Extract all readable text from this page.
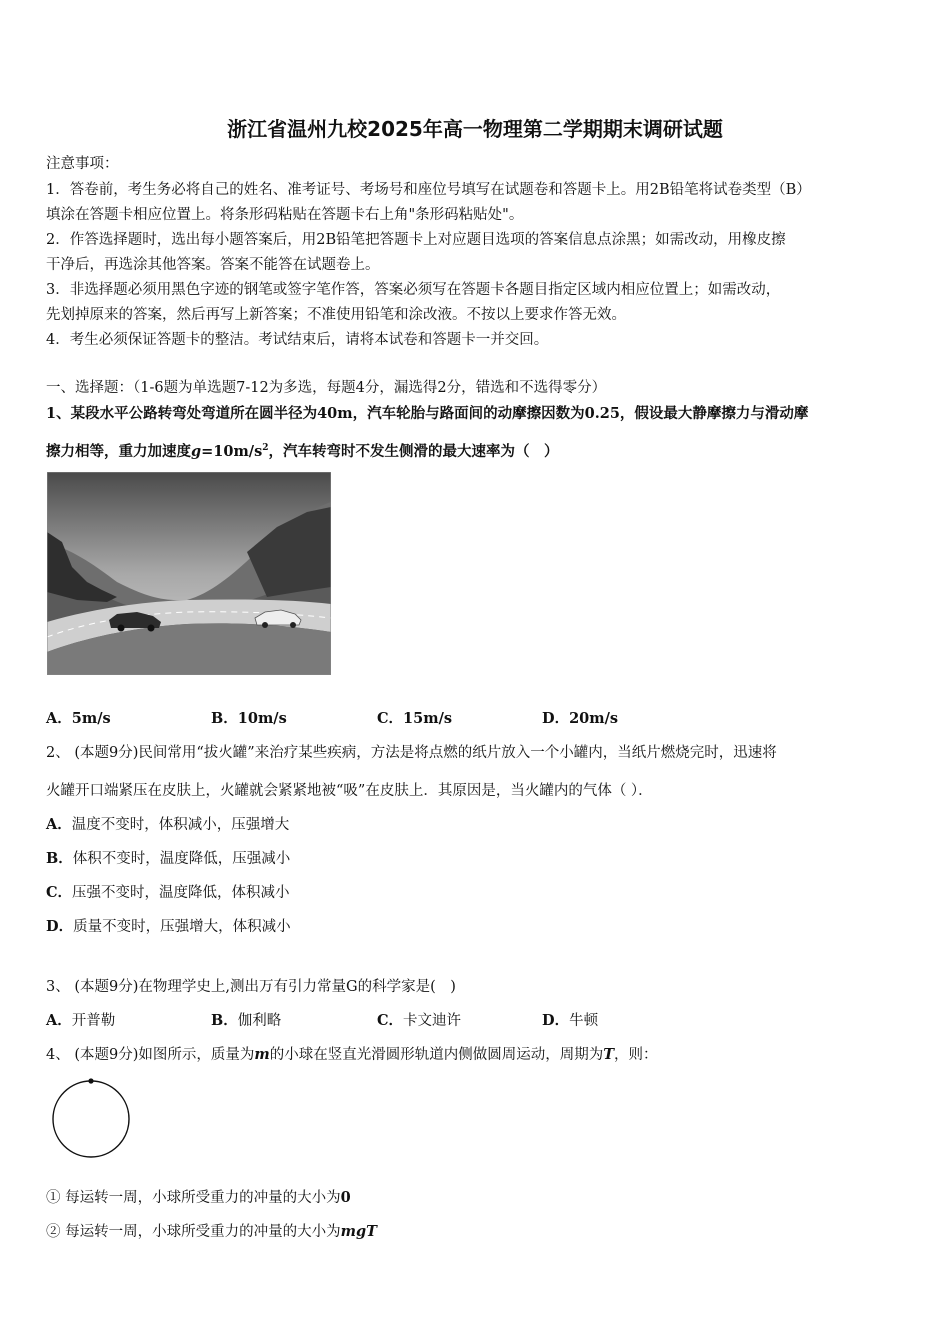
浙江省温州九校2025年高一物理第二学期期末调研试题
注意事项：
1．答卷前，考生务必将自己的姓名、准考证号、考场号和座位号填写在试题卷和答题卡上。用2B铅笔将试卷类型（B）
填涂在答题卡相应位置上。将条形码粘贴在答题卡右上角"条形码粘贴处"。
2．作答选择题时，选出每小题答案后，用2B铅笔把答题卡上对应题目选项的答案信息点涂黑；如需改动，用橡皮擦
干净后，再选涂其他答案。答案不能答在试题卷上。
3．非选择题必须用黑色字迹的钢笔或签字笔作答，答案必须写在答题卡各题目指定区域内相应位置上；如需改动，
先划掉原来的答案，然后再写上新答案；不准使用铅笔和涂改液。不按以上要求作答无效。
4．考生必须保证答题卡的整洁。考试结束后，请将本试卷和答题卡一并交回。
一、选择题：（1-6题为单选题7-12为多选，每题4分，漏选得2分，错选和不选得零分）
1、某段水平公路转弯处弯道所在圆半径为40m，汽车轮胎与路面间的动摩擦因数为0.25，假设最大静摩擦力与滑动摩
擦力相等，重力加速度$g=10m/s^2$，汽车转弯时不发生侧滑的最大速率为（　）
A．5m/s	B．10m/s	C．15m/s	D．20m/s
2、 (本题9分)民间常用“拔火罐”来治疗某些疾病，方法是将点燃的纸片放入一个小罐内，当纸片燃烧完时，迅速将
火罐开口端紧压在皮肤上，火罐就会紧紧地被“吸”在皮肤上．其原因是，当火罐内的气体（ ）．
A．温度不变时，体积减小，压强增大
B．体积不变时，温度降低，压强减小
C．压强不变时，温度降低，体积减小
D．质量不变时，压强增大，体积减小
3、 (本题9分)在物理学史上,测出万有引力常量G的科学家是(　)
A．开普勒	B．伽利略	C．卡文迪许	D．牛顿
4、 (本题9分)如图所示，质量为m的小球在竖直光滑圆形轨道内侧做圆周运动，周期为T，则：
① 每运转一周，小球所受重力的冲量的大小为0
② 每运转一周，小球所受重力的冲量的大小为mgT
